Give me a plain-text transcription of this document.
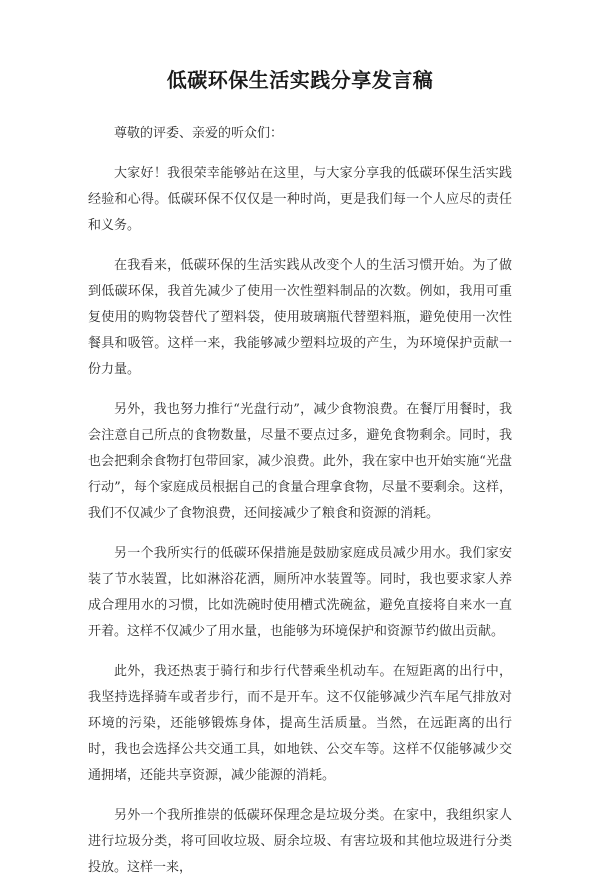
低碳环保生活实践分享发言稿

尊敬的评委、亲爱的听众们：

大家好！我很荣幸能够站在这里，与大家分享我的低碳环保生活实践经验和心得。低碳环保不仅仅是一种时尚，更是我们每一个人应尽的责任和义务。

在我看来，低碳环保的生活实践从改变个人的生活习惯开始。为了做到低碳环保，我首先减少了使用一次性塑料制品的次数。例如，我用可重复使用的购物袋替代了塑料袋，使用玻璃瓶代替塑料瓶，避免使用一次性餐具和吸管。这样一来，我能够减少塑料垃圾的产生，为环境保护贡献一份力量。

另外，我也努力推行“光盘行动”，减少食物浪费。在餐厅用餐时，我会注意自己所点的食物数量，尽量不要点过多，避免食物剩余。同时，我也会把剩余食物打包带回家，减少浪费。此外，我在家中也开始实施“光盘行动”，每个家庭成员根据自己的食量合理拿食物，尽量不要剩余。这样，我们不仅减少了食物浪费，还间接减少了粮食和资源的消耗。

另一个我所实行的低碳环保措施是鼓励家庭成员减少用水。我们家安装了节水装置，比如淋浴花洒，厕所冲水装置等。同时，我也要求家人养成合理用水的习惯，比如洗碗时使用槽式洗碗盆，避免直接将自来水一直开着。这样不仅减少了用水量，也能够为环境保护和资源节约做出贡献。

此外，我还热衷于骑行和步行代替乘坐机动车。在短距离的出行中，我坚持选择骑车或者步行，而不是开车。这不仅能够减少汽车尾气排放对环境的污染，还能够锻炼身体，提高生活质量。当然，在远距离的出行时，我也会选择公共交通工具，如地铁、公交车等。这样不仅能够减少交通拥堵，还能共享资源，减少能源的消耗。

另外一个我所推崇的低碳环保理念是垃圾分类。在家中，我组织家人进行垃圾分类，将可回收垃圾、厨余垃圾、有害垃圾和其他垃圾进行分类投放。这样一来，
